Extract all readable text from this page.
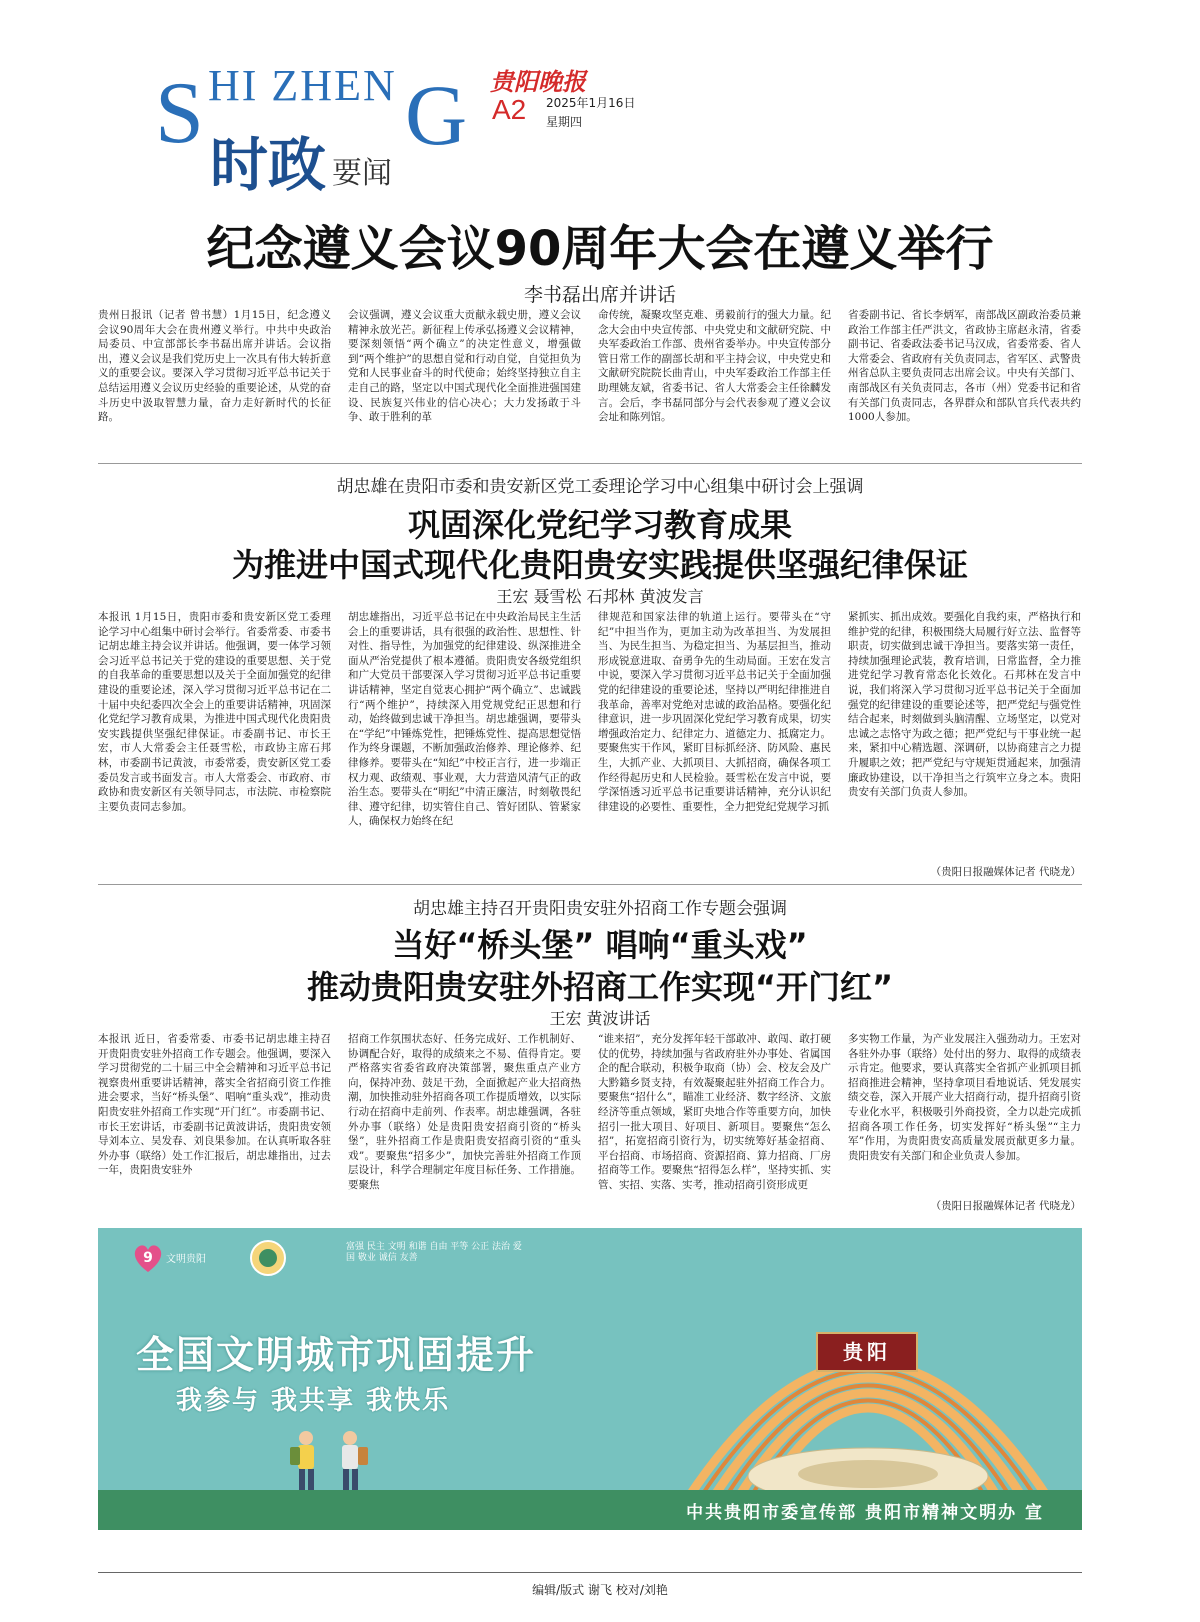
S HI ZHEN G
时政 要闻
贵阳晚报
A2 2025年1月16日
星期四
纪念遵义会议90周年大会在遵义举行
李书磊出席并讲话
贵州日报讯（记者 曾书慧）1月15日，纪念遵义会议90周年大会在贵州遵义举行。中共中央政治局委员、中宣部部长李书磊出席并讲话。会议指出，遵义会议是我们党历史上一次具有伟大转折意义的重要会议。要深入学习贯彻习近平总书记关于总结运用遵义会议历史经验的重要论述，从党的奋斗历史中汲取智慧力量，奋力走好新时代的长征路。
会议强调，遵义会议重大贡献永载史册，遵义会议精神永放光芒。新征程上传承弘扬遵义会议精神，要深刻领悟“两个确立”的决定性意义，增强做到“两个维护”的思想自觉和行动自觉，自觉担负为党和人民事业奋斗的时代使命；始终坚持独立自主走自己的路，坚定以中国式现代化全面推进强国建设、民族复兴伟业的信心决心；大力发扬敢于斗争、敢于胜利的革
命传统，凝聚攻坚克难、勇毅前行的强大力量。纪念大会由中央宣传部、中央党史和文献研究院、中央军委政治工作部、贵州省委举办。中央宣传部分管日常工作的副部长胡和平主持会议，中央党史和文献研究院院长曲青山，中央军委政治工作部主任助理姚友斌，省委书记、省人大常委会主任徐麟发言。会后，李书磊同部分与会代表参观了遵义会议会址和陈列馆。
省委副书记、省长李炳军，南部战区副政治委员兼政治工作部主任严洪文，省政协主席赵永清，省委副书记、省委政法委书记马汉成，省委常委、省人大常委会、省政府有关负责同志，省军区、武警贵州省总队主要负责同志出席会议。中央有关部门、南部战区有关负责同志，各市（州）党委书记和省有关部门负责同志，各界群众和部队官兵代表共约1000人参加。
胡忠雄在贵阳市委和贵安新区党工委理论学习中心组集中研讨会上强调
巩固深化党纪学习教育成果
为推进中国式现代化贵阳贵安实践提供坚强纪律保证
王宏 聂雪松 石邦林 黄波发言
本报讯 1月15日，贵阳市委和贵安新区党工委理论学习中心组集中研讨会举行。省委常委、市委书记胡忠雄主持会议并讲话。他强调，要一体学习领会习近平总书记关于党的建设的重要思想、关于党的自我革命的重要思想以及关于全面加强党的纪律建设的重要论述，深入学习贯彻习近平总书记在二十届中央纪委四次全会上的重要讲话精神，巩固深化党纪学习教育成果，为推进中国式现代化贵阳贵安实践提供坚强纪律保证。市委副书记、市长王宏，市人大常委会主任聂雪松，市政协主席石邦林，市委副书记黄波，市委常委，贵安新区党工委委员发言或书面发言。市人大常委会、市政府、市政协和贵安新区有关领导同志，市法院、市检察院主要负责同志参加。
胡忠雄指出，习近平总书记在中央政治局民主生活会上的重要讲话，具有很强的政治性、思想性、针对性、指导性，为加强党的纪律建设、纵深推进全面从严治党提供了根本遵循。贵阳贵安各级党组织和广大党员干部要深入学习贯彻习近平总书记重要讲话精神，坚定自觉衷心拥护“两个确立”、忠诚践行“两个维护”，持续深入用党规党纪正思想和行动，始终做到忠诚干净担当。胡忠雄强调，要带头在“学纪”中锤炼党性，把锤炼党性、提高思想觉悟作为终身课题，不断加强政治修养、理论修养、纪律修养。要带头在“知纪”中校正言行，进一步端正权力观、政绩观、事业观，大力营造风清气正的政治生态。要带头在“明纪”中清正廉洁，时刻敬畏纪律、遵守纪律，切实管住自己、管好团队、管紧家人，确保权力始终在纪
律规范和国家法律的轨道上运行。要带头在“守纪”中担当作为，更加主动为改革担当、为发展担当、为民生担当、为稳定担当、为基层担当，推动形成锐意进取、奋勇争先的生动局面。王宏在发言中说，要深入学习贯彻习近平总书记关于全面加强党的纪律建设的重要论述，坚持以严明纪律推进自我革命，善率对党绝对忠诚的政治品格。要强化纪律意识，进一步巩固深化党纪学习教育成果，切实增强政治定力、纪律定力、道德定力、抵腐定力。要聚焦实干作风，紧盯目标抓经济、防风险、惠民生，大抓产业、大抓项目、大抓招商，确保各项工作经得起历史和人民检验。聂雪松在发言中说，要学深悟透习近平总书记重要讲话精神，充分认识纪律建设的必要性、重要性，全力把党纪党规学习抓
紧抓实、抓出成效。要强化自我约束，严格执行和维护党的纪律，积极围绕大局履行好立法、监督等职责，切实做到忠诚干净担当。要落实第一责任，持续加强理论武装，教育培训，日常监督，全力推进党纪学习教育常态化长效化。石邦林在发言中说，我们将深入学习贯彻习近平总书记关于全面加强党的纪律建设的重要论述等，把严党纪与强党性结合起来，时刻做到头脑清醒、立场坚定，以党对忠诚之志恪守为政之德；把严党纪与干事业统一起来，紧扣中心精选题、深调研，以协商建言之力提升履职之效；把严党纪与守规矩贯通起来，加强清廉政协建设，以干净担当之行筑牢立身之本。贵阳贵安有关部门负责人参加。
（贵阳日报融媒体记者 代晓龙）
胡忠雄主持召开贵阳贵安驻外招商工作专题会强调
当好“桥头堡” 唱响“重头戏”
推动贵阳贵安驻外招商工作实现“开门红”
王宏 黄波讲话
本报讯 近日，省委常委、市委书记胡忠雄主持召开贵阳贵安驻外招商工作专题会。他强调，要深入学习贯彻党的二十届三中全会精神和习近平总书记视察贵州重要讲话精神，落实全省招商引资工作推进会要求，当好“桥头堡”、唱响“重头戏”，推动贵阳贵安驻外招商工作实现“开门红”。市委副书记、市长王宏讲话，市委副书记黄波讲话，贵阳贵安领导刘本立、吴发春、刘良果参加。在认真听取各驻外办事（联络）处工作汇报后，胡忠雄指出，过去一年，贵阳贵安驻外
招商工作氛围状态好、任务完成好、工作机制好、协调配合好，取得的成绩来之不易、值得肯定。要严格落实省委省政府决策部署，聚焦重点产业方向，保持冲劲、鼓足干劲，全面掀起产业大招商热潮，加快推动驻外招商各项工作提质增效，以实际行动在招商中走前列、作表率。胡忠雄强调，各驻外办事（联络）处是贵阳贵安招商引资的“桥头堡”，驻外招商工作是贵阳贵安招商引资的“重头戏”。要聚焦“招多少”，加快完善驻外招商工作顶层设计，科学合理制定年度目标任务、工作措施。要聚焦
“谁来招”，充分发挥年轻干部敢冲、敢闯、敢打硬仗的优势，持续加强与省政府驻外办事处、省属国企的配合联动，积极争取商（协）会、校友会及广大黔籍乡贤支持，有效凝聚起驻外招商工作合力。要聚焦“招什么”，瞄准工业经济、数字经济、文旅经济等重点领域，紧盯央地合作等重要方向，加快招引一批大项目、好项目、新项目。要聚焦“怎么招”，拓宽招商引资行为，切实统筹好基金招商、平台招商、市场招商、资源招商、算力招商、厂房招商等工作。要聚焦“招得怎么样”，坚持实抓、实管、实招、实落、实考，推动招商引资形成更
多实物工作量，为产业发展注入强劲动力。王宏对各驻外办事（联络）处付出的努力、取得的成绩表示肯定。他要求，要认真落实全省抓产业抓项目抓招商推进会精神，坚持拿项目看地说话、凭发展实绩交卷，深入开展产业大招商行动，提升招商引资专业化水平，积极吸引外商投资，全力以赴完成抓招商各项工作任务，切实发挥好“桥头堡”“主力军”作用，为贵阳贵安高质量发展贡献更多力量。贵阳贵安有关部门和企业负责人参加。
（贵阳日报融媒体记者 代晓龙）
9 文明贵阳
富强 民主 文明 和谐 自由 平等 公正 法治 爱国 敬业 诚信 友善
全国文明城市巩固提升
我参与 我共享 我快乐
贵阳
中共贵阳市委宣传部 贵阳市精神文明办 宣
编辑/版式 谢飞 校对/刘艳
